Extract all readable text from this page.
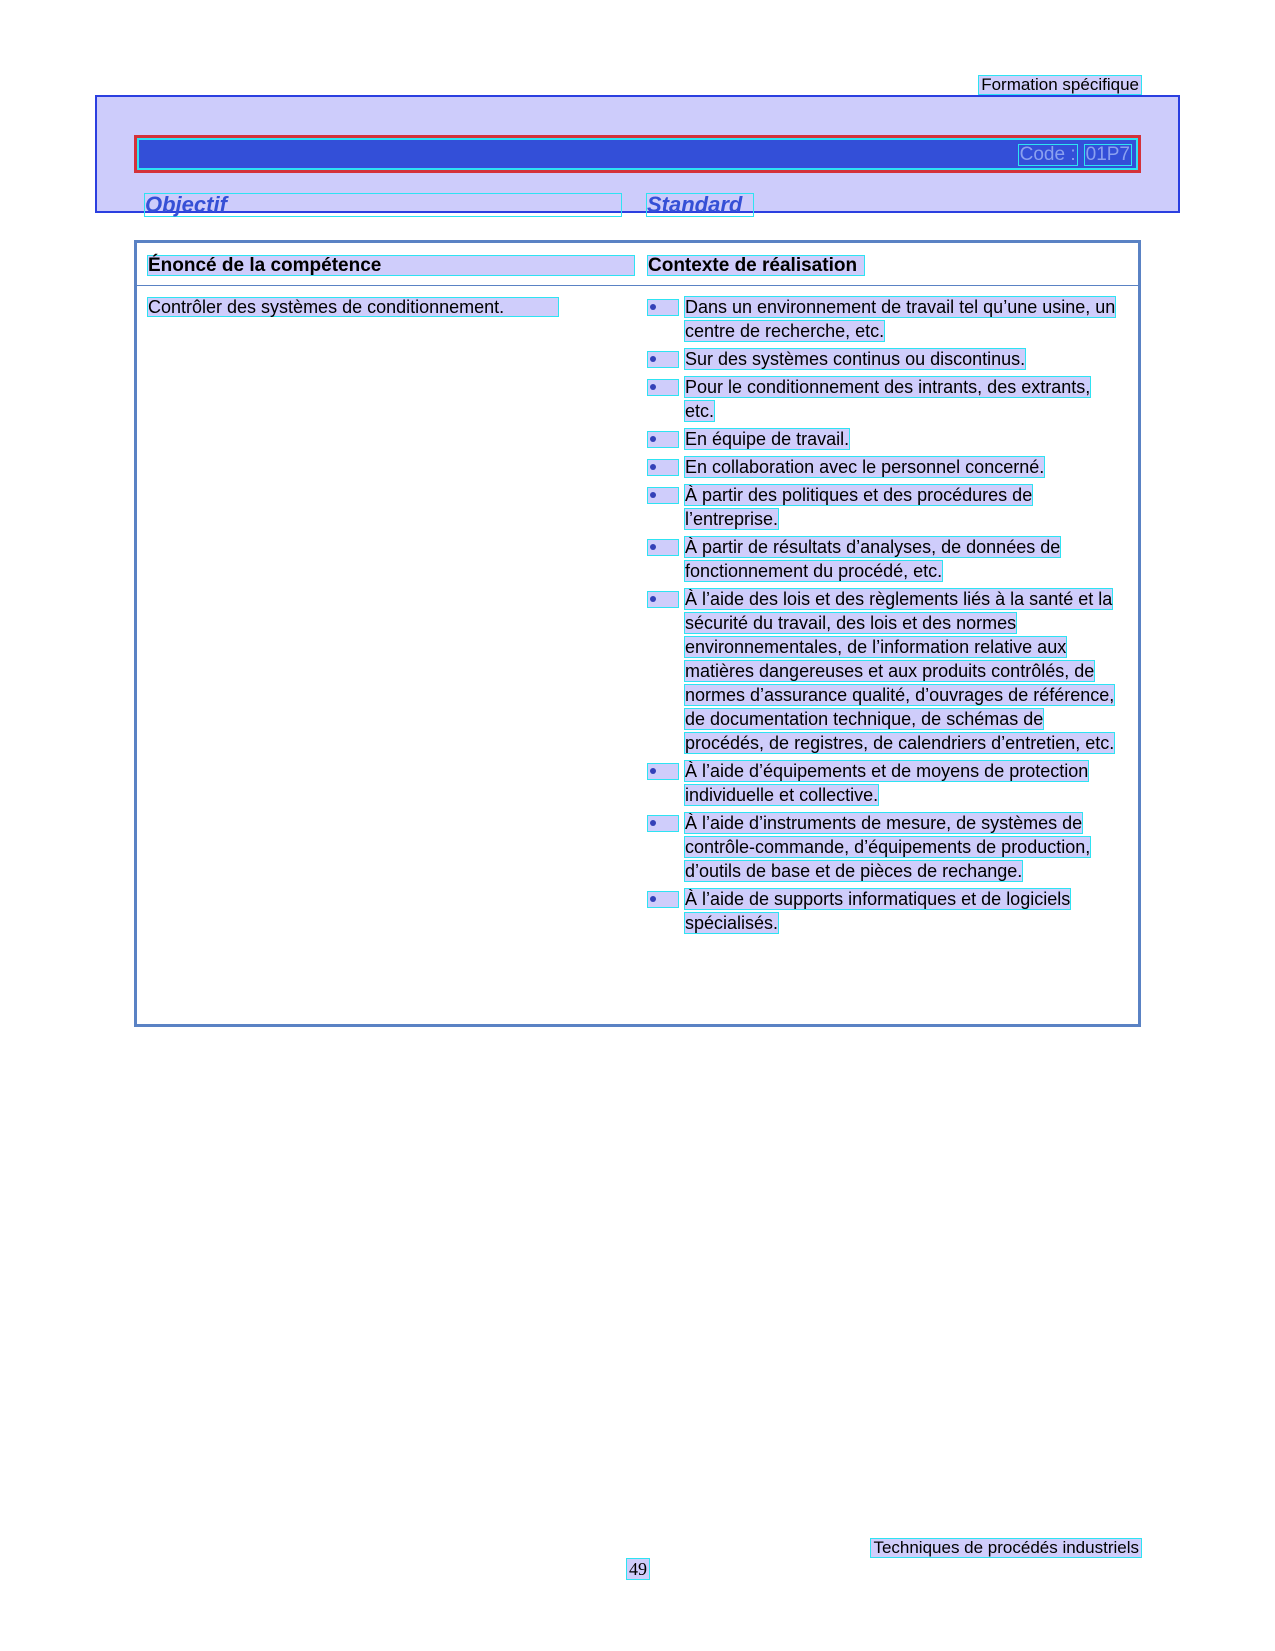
Formation spécifique
Code : 01P7
Objectif	Standard
Énoncé de la compétence	Contexte de réalisation
Contrôler des systèmes de conditionnement.	Dans un environnement de travail tel qu’une usine, un centre de recherche, etc.
Sur des systèmes continus ou discontinus.
Pour le conditionnement des intrants, des extrants, etc.
En équipe de travail.
En collaboration avec le personnel concerné.
À partir des politiques et des procédures de l’entreprise.
À partir de résultats d’analyses, de données de fonctionnement du procédé, etc.
À l’aide des lois et des règlements liés à la santé et la sécurité du travail, des lois et des normes environnementales, de l’information relative aux matières dangereuses et aux produits contrôlés, de normes d’assurance qualité, d’ouvrages de référence, de documentation technique, de schémas de procédés, de registres, de calendriers d’entretien, etc.
À l’aide d’équipements et de moyens de protection individuelle et collective.
À l’aide d’instruments de mesure, de systèmes de contrôle-commande, d’équipements de production, d’outils de base et de pièces de rechange.
À l’aide de supports informatiques et de logiciels spécialisés.
Techniques de procédés industriels
49
